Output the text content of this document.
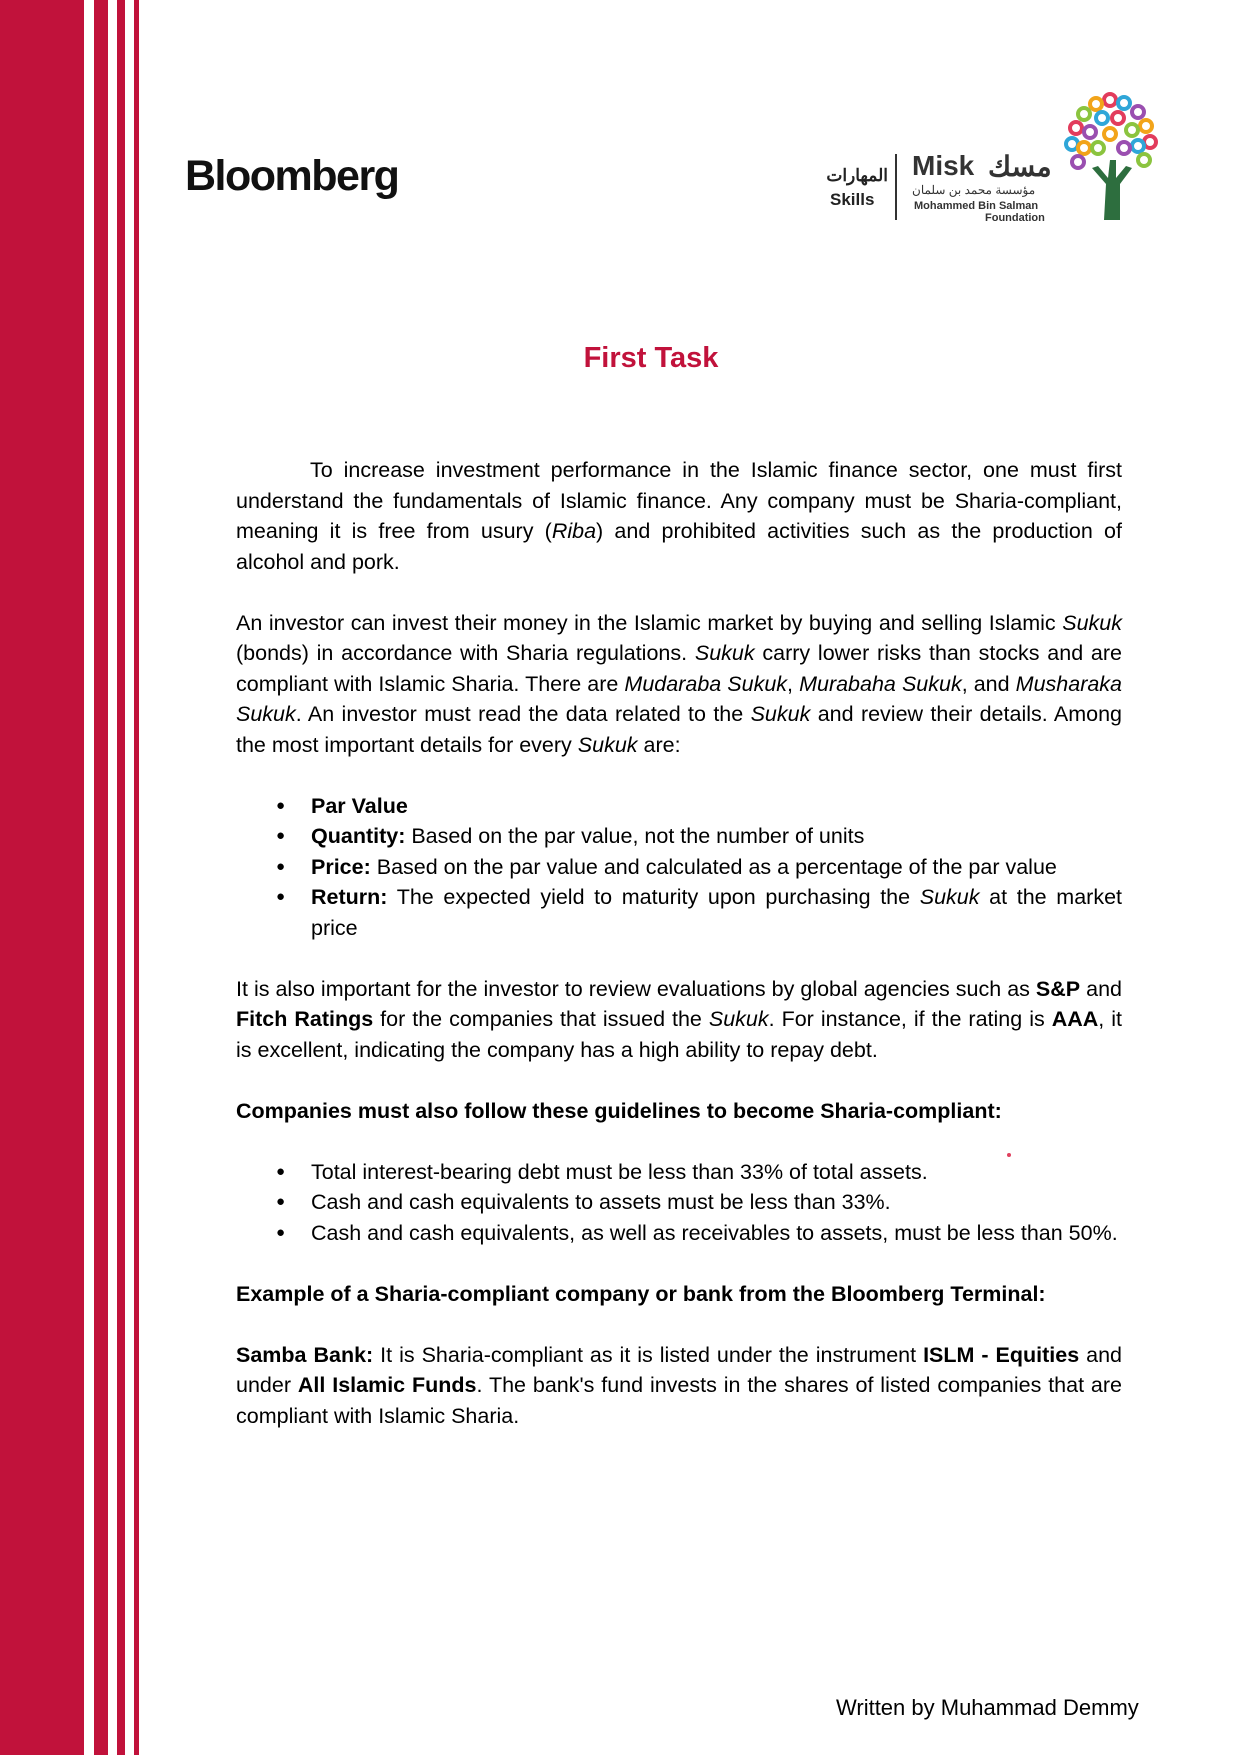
Bloomberg	المهارات
Skills
Misk مسك
مؤسسة محمد بن سلمان
Mohammed Bin Salman
Foundation
First Task

To increase investment performance in the Islamic finance sector, one must first understand the fundamentals of Islamic finance. Any company must be Sharia-compliant, meaning it is free from usury (Riba) and prohibited activities such as the production of alcohol and pork.

An investor can invest their money in the Islamic market by buying and selling Islamic Sukuk (bonds) in accordance with Sharia regulations. Sukuk carry lower risks than stocks and are compliant with Islamic Sharia. There are Mudaraba Sukuk, Murabaha Sukuk, and Musharaka Sukuk. An investor must read the data related to the Sukuk and review their details. Among the most important details for every Sukuk are:

● Par Value
● Quantity: Based on the par value, not the number of units
● Price: Based on the par value and calculated as a percentage of the par value
● Return: The expected yield to maturity upon purchasing the Sukuk at the market price

It is also important for the investor to review evaluations by global agencies such as S&P and Fitch Ratings for the companies that issued the Sukuk. For instance, if the rating is AAA, it is excellent, indicating the company has a high ability to repay debt.

Companies must also follow these guidelines to become Sharia-compliant:

● Total interest-bearing debt must be less than 33% of total assets.
● Cash and cash equivalents to assets must be less than 33%.
● Cash and cash equivalents, as well as receivables to assets, must be less than 50%.

Example of a Sharia-compliant company or bank from the Bloomberg Terminal:

Samba Bank: It is Sharia-compliant as it is listed under the instrument ISLM - Equities and under All Islamic Funds. The bank's fund invests in the shares of listed companies that are compliant with Islamic Sharia.

Written by Muhammad Demmy
